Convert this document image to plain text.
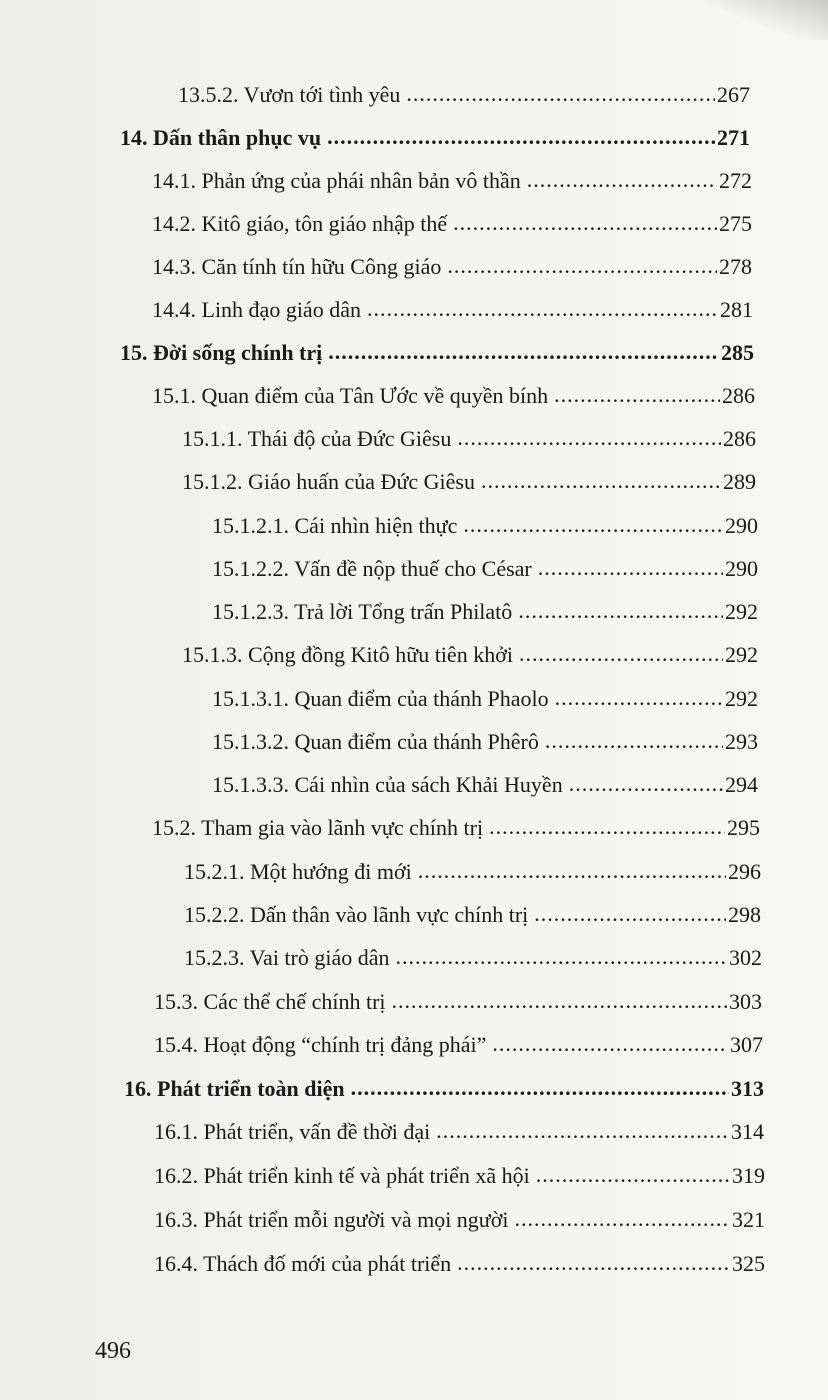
13.5.2. Vươn tới tình yêu .....	267
14. Dấn thân phục vụ .....	271
14.1. Phản ứng của phái nhân bản vô thần .....	272
14.2. Kitô giáo, tôn giáo nhập thế .....	275
14.3. Căn tính tín hữu Công giáo .....	278
14.4. Linh đạo giáo dân .....	281
15. Đời sống chính trị .....	285
15.1. Quan điểm của Tân Ước về quyền bính .....	286
15.1.1. Thái độ của Đức Giêsu .....	286
15.1.2. Giáo huấn của Đức Giêsu .....	289
15.1.2.1. Cái nhìn hiện thực .....	290
15.1.2.2. Vấn đề nộp thuế cho César .....	290
15.1.2.3. Trả lời Tổng trấn Philatô .....	292
15.1.3. Cộng đồng Kitô hữu tiên khởi .....	292
15.1.3.1. Quan điểm của thánh Phaolo .....	292
15.1.3.2. Quan điểm của thánh Phêrô .....	293
15.1.3.3. Cái nhìn của sách Khải Huyền .....	294
15.2. Tham gia vào lãnh vực chính trị .....	295
15.2.1. Một hướng đi mới .....	296
15.2.2. Dấn thân vào lãnh vực chính trị .....	298
15.2.3. Vai trò giáo dân .....	302
15.3. Các thể chế chính trị .....	303
15.4. Hoạt động “chính trị đảng phái” .....	307
16. Phát triển toàn diện .....	313
16.1. Phát triển, vấn đề thời đại .....	314
16.2. Phát triển kinh tế và phát triển xã hội .....	319
16.3. Phát triển mỗi người và mọi người .....	321
16.4. Thách đố mới của phát triển .....	325
496
